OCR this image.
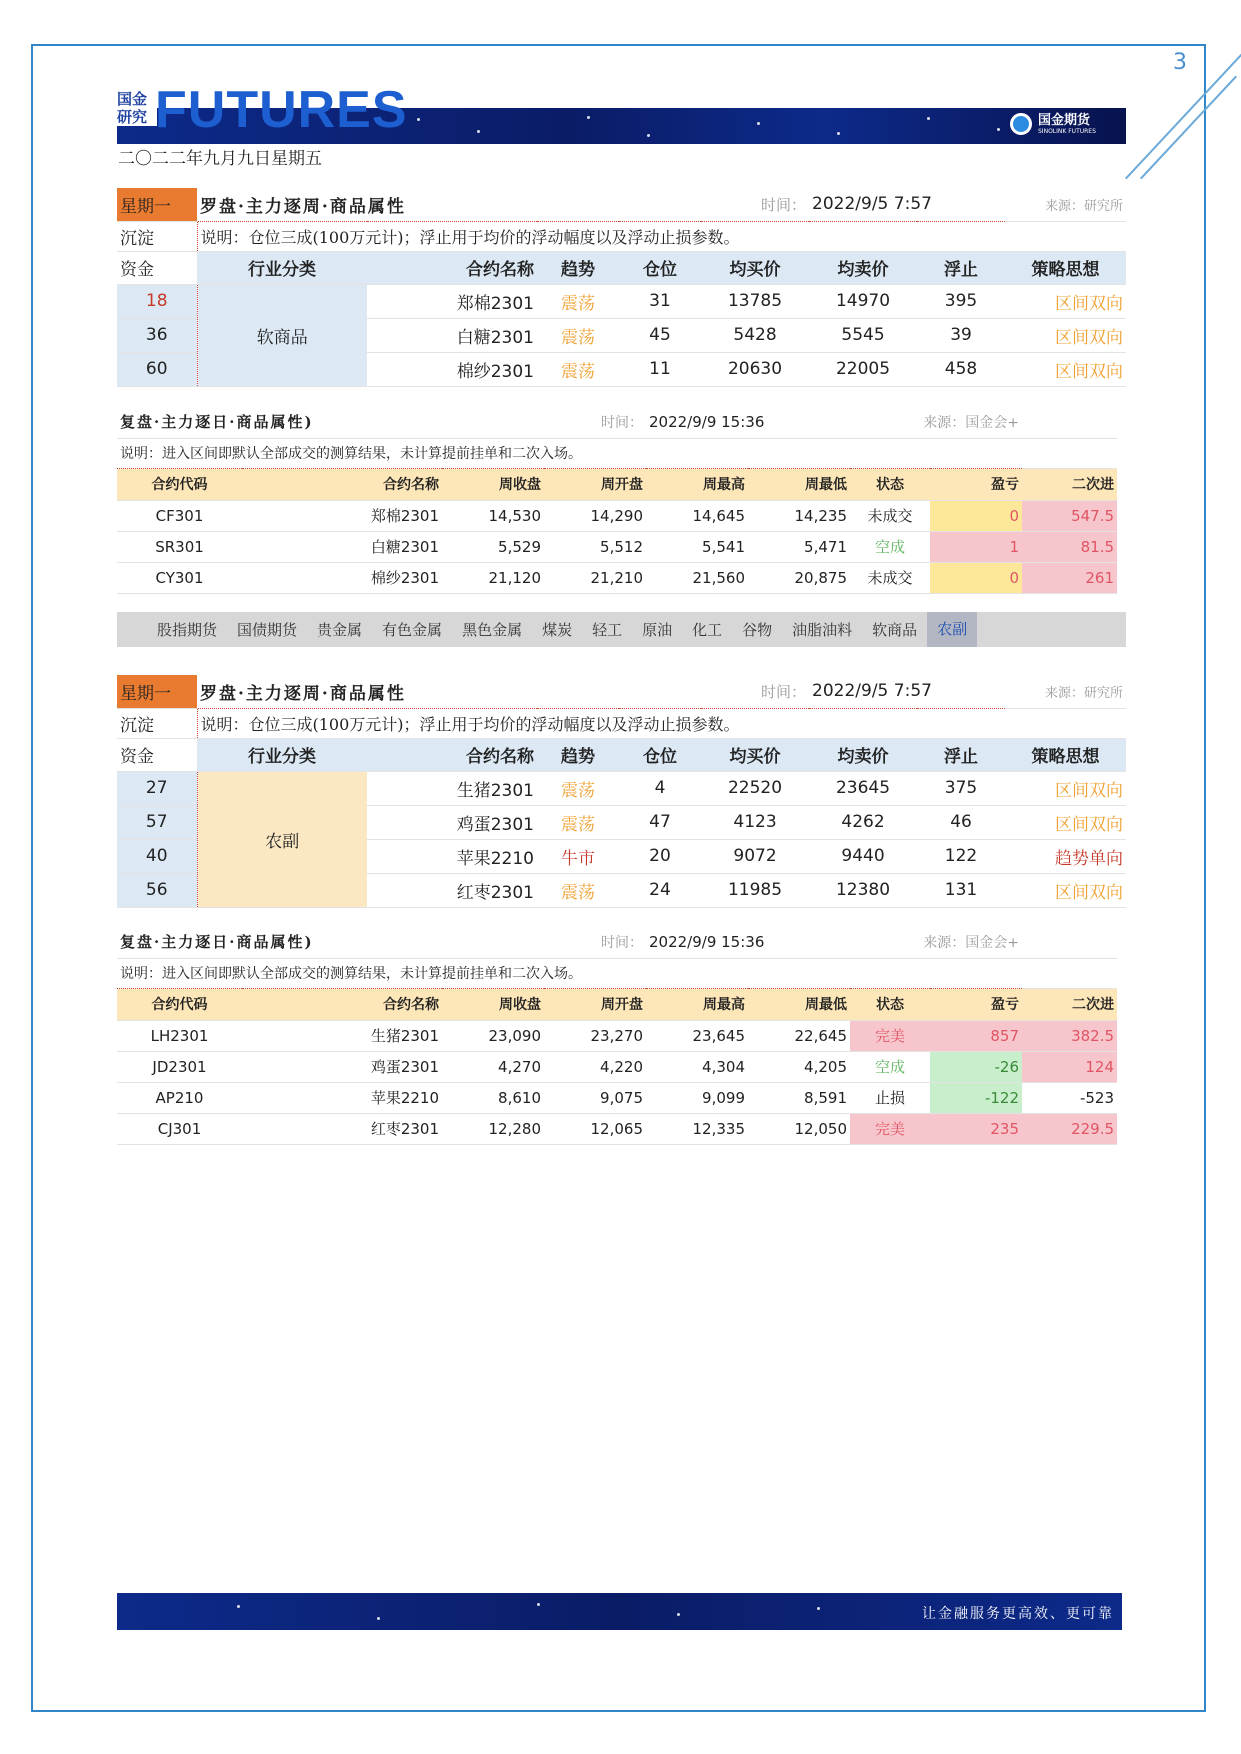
3
国金
研究 FUTURES	国金期货
SINOLINK FUTURES
二〇二二年九月九日星期五
星期一	罗盘·主力逐周·商品属性			时间：		2022/9/5 7:57		来源：研究所
沉淀	说明：仓位三成(100万元计)；浮止用于均价的浮动幅度以及浮动止损参数。							
资金	行业分类	合约名称	趋势	仓位	均买价	均卖价	浮止	策略思想
18	软商品	郑棉2301	震荡	31	13785	14970	395	区间双向
36		白糖2301	震荡	45	5428	5545	39	区间双向
60		棉纱2301	震荡	11	20630	22005	458	区间双向
复盘·主力逐日·商品属性)			时间：	2022/9/9 15:36		来源：国金会+		
说明：进入区间即默认全部成交的测算结果，未计算提前挂单和二次入场。								
合约代码	合约名称	周收盘	周开盘	周最高	周最低	状态	盈亏	二次进
CF301	郑棉2301	14,530	14,290	14,645	14,235	未成交	0	547.5
SR301	白糖2301	5,529	5,512	5,541	5,471	空成	1	81.5
CY301	棉纱2301	21,120	21,210	21,560	20,875	未成交	0	261
股指期货	国债期货	贵金属	有色金属	黑色金属	煤炭	轻工	原油	化工	谷物	油脂油料	软商品	农副
星期一	罗盘·主力逐周·商品属性			时间：		2022/9/5 7:57		来源：研究所
沉淀	说明：仓位三成(100万元计)；浮止用于均价的浮动幅度以及浮动止损参数。							
资金	行业分类	合约名称	趋势	仓位	均买价	均卖价	浮止	策略思想
27	农副	生猪2301	震荡	4	22520	23645	375	区间双向
57		鸡蛋2301	震荡	47	4123	4262	46	区间双向
40		苹果2210	牛市	20	9072	9440	122	趋势单向
56		红枣2301	震荡	24	11985	12380	131	区间双向
复盘·主力逐日·商品属性)			时间：	2022/9/9 15:36		来源：国金会+		
说明：进入区间即默认全部成交的测算结果，未计算提前挂单和二次入场。								
合约代码	合约名称	周收盘	周开盘	周最高	周最低	状态	盈亏	二次进
LH2301	生猪2301	23,090	23,270	23,645	22,645	完美	857	382.5
JD2301	鸡蛋2301	4,270	4,220	4,304	4,205	空成	-26	124
AP210	苹果2210	8,610	9,075	9,099	8,591	止损	-122	-523
CJ301	红枣2301	12,280	12,065	12,335	12,050	完美	235	229.5
让金融服务更高效、更可靠
